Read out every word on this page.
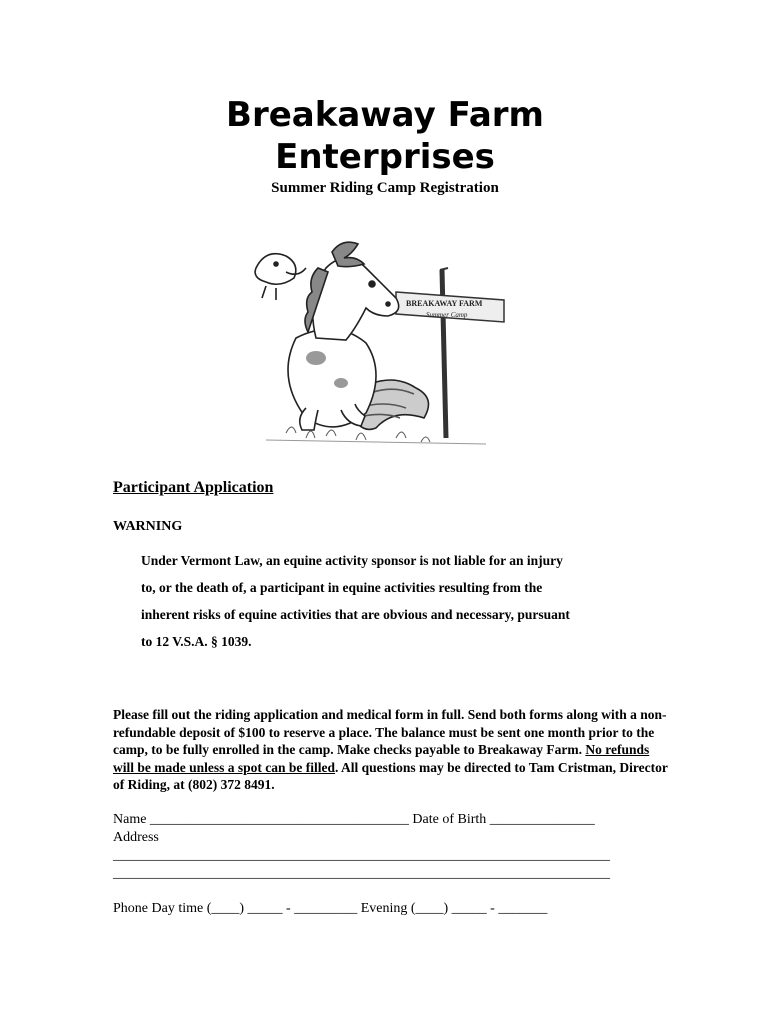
Breakaway Farm
Enterprises

Summer Riding Camp Registration

BREAKAWAY FARM
Summer Camp

Participant Application

WARNING

Under Vermont Law, an equine activity sponsor is not liable for an injury

to, or the death of, a participant in equine activities resulting from the

inherent risks of equine activities that are obvious and necessary, pursuant

to 12 V.S.A. § 1039.

Please fill out the riding application and medical form in full. Send both forms along with a non-refundable deposit of $100 to reserve a place. The balance must be sent one month prior to the camp, to be fully enrolled in the camp. Make checks payable to Breakaway Farm. No refunds will be made unless a spot can be filled. All questions may be directed to Tam Cristman, Director of Riding, at (802) 372 8491.

Name _____________________________________ Date of Birth _______________

Address

_______________________________________________________________________

_______________________________________________________________________

Phone Day time (____) _____ - _________ Evening (____) _____ - _______
